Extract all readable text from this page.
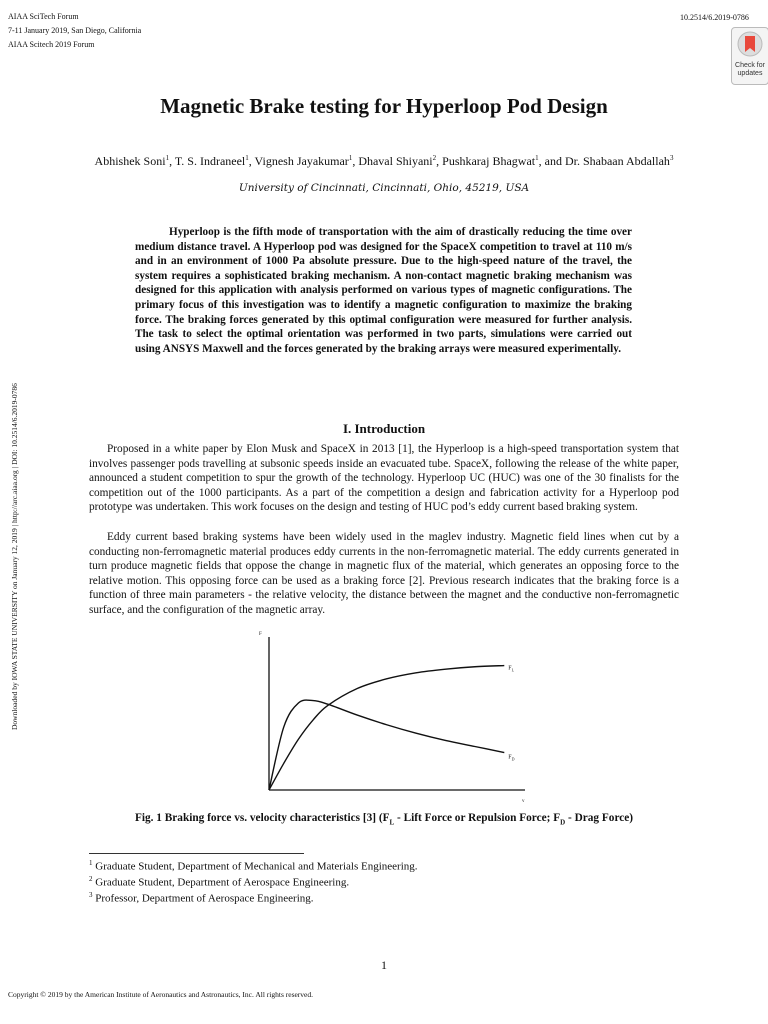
AIAA SciTech Forum
7-11 January 2019, San Diego, California
AIAA Scitech 2019 Forum
10.2514/6.2019-0786
Check for updates
Downloaded by IOWA STATE UNIVERSITY on January 12, 2019 | http://arc.aiaa.org | DOI: 10.2514/6.2019-0786
Magnetic Brake testing for Hyperloop Pod Design
Abhishek Soni$^1$, T. S. Indraneel$^1$, Vignesh Jayakumar$^1$, Dhaval Shiyani$^2$, Pushkaraj Bhagwat$^1$, and Dr. Shabaan Abdallah$^3$
University of Cincinnati, Cincinnati, Ohio, 45219, USA
Hyperloop is the fifth mode of transportation with the aim of drastically reducing the time over medium distance travel. A Hyperloop pod was designed for the SpaceX competition to travel at 110 m/s and in an environment of 1000 Pa absolute pressure. Due to the high-speed nature of the travel, the system requires a sophisticated braking mechanism. A non-contact magnetic braking mechanism was designed for this application with analysis performed on various types of magnetic configurations. The primary focus of this investigation was to identify a magnetic configuration to maximize the braking force. The braking forces generated by this optimal configuration were measured for further analysis. The task to select the optimal orientation was performed in two parts, simulations were carried out using ANSYS Maxwell and the forces generated by the braking arrays were measured experimentally.
I. Introduction
Proposed in a white paper by Elon Musk and SpaceX in 2013 [1], the Hyperloop is a high-speed transportation system that involves passenger pods travelling at subsonic speeds inside an evacuated tube. SpaceX, following the release of the white paper, announced a student competition to spur the growth of the technology. Hyperloop UC (HUC) was one of the 30 finalists for the competition out of the 1000 participants. As a part of the competition a design and fabrication activity for a Hyperloop pod prototype was undertaken. This work focuses on the design and testing of HUC pod’s eddy current based braking system.
Eddy current based braking systems have been widely used in the maglev industry. Magnetic field lines when cut by a conducting non-ferromagnetic material produces eddy currents in the non-ferromagnetic material. The eddy currents generated in turn produce magnetic fields that oppose the change in magnetic flux of the material, which generates an opposing force to the relative motion. This opposing force can be used as a braking force [2]. Previous research indicates that the braking force is a function of three main parameters - the relative velocity, the distance between the magnet and the conductive non-ferromagnetic surface, and the configuration of the magnetic array.
F
v
$F_L$
$F_D$
Fig. 1 Braking force vs. velocity characteristics [3] ($F_L$ - Lift Force or Repulsion Force; $F_D$ - Drag Force)
$^1$ Graduate Student, Department of Mechanical and Materials Engineering.
$^2$ Graduate Student, Department of Aerospace Engineering.
$^3$ Professor, Department of Aerospace Engineering.
1
Copyright © 2019 by the American Institute of Aeronautics and Astronautics, Inc. All rights reserved.
